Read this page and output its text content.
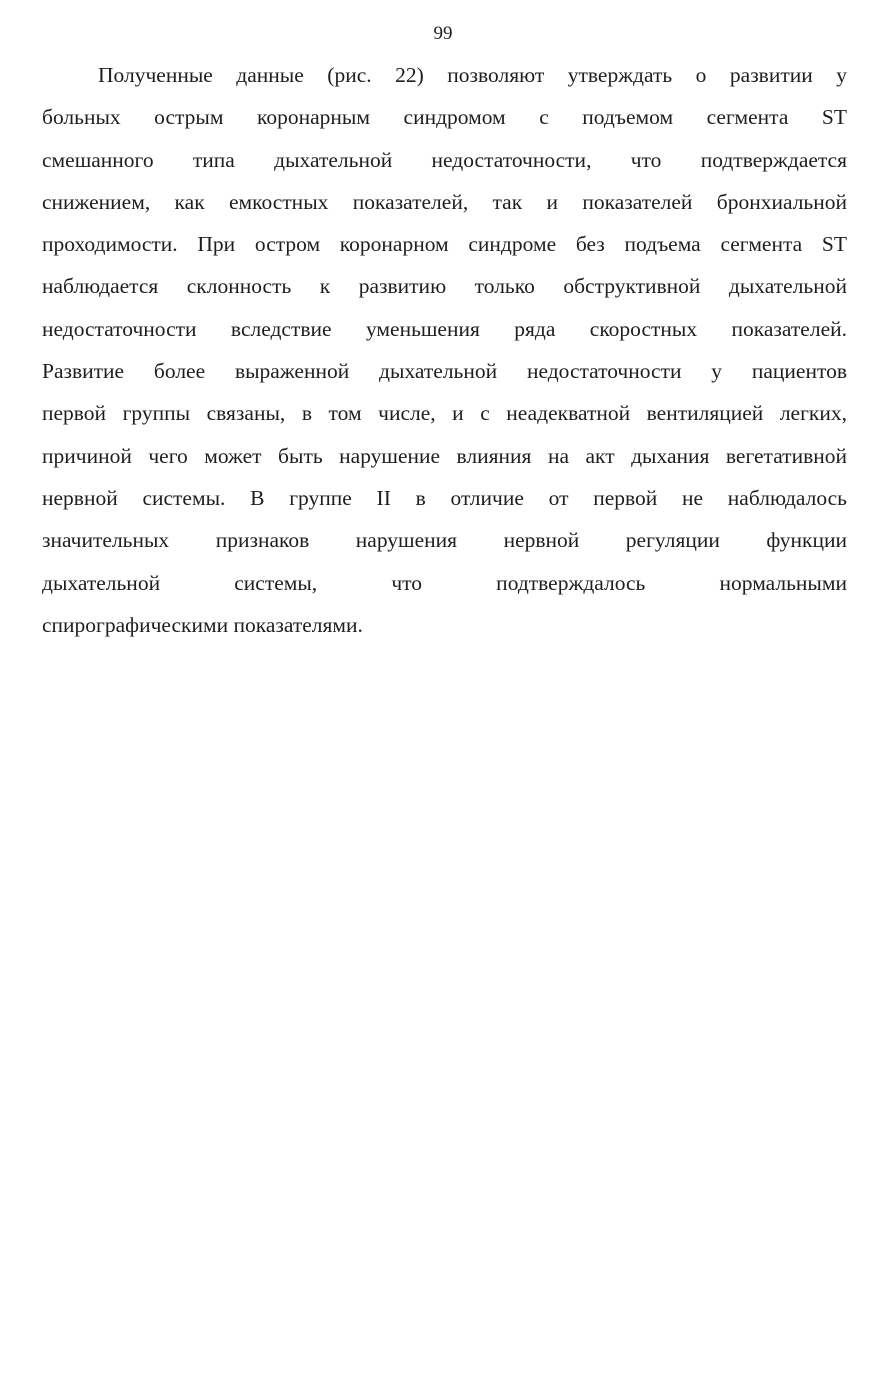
99
Полученные данные (рис. 22) позволяют утверждать о развитии у
больных острым коронарным синдромом с подъемом сегмента ST
смешанного типа дыхательной недостаточности, что подтверждается
снижением, как емкостных показателей, так и показателей бронхиальной
проходимости. При остром коронарном синдроме без подъема сегмента ST
наблюдается склонность к развитию только обструктивной дыхательной
недостаточности вследствие уменьшения ряда скоростных показателей.
Развитие более выраженной дыхательной недостаточности у пациентов
первой группы связаны, в том числе, и с неадекватной вентиляцией легких,
причиной чего может быть нарушение влияния на акт дыхания вегетативной
нервной системы. В группе II в отличие от первой не наблюдалось
значительных признаков нарушения нервной регуляции функции
дыхательной системы, что подтверждалось нормальными
спирографическими показателями.
